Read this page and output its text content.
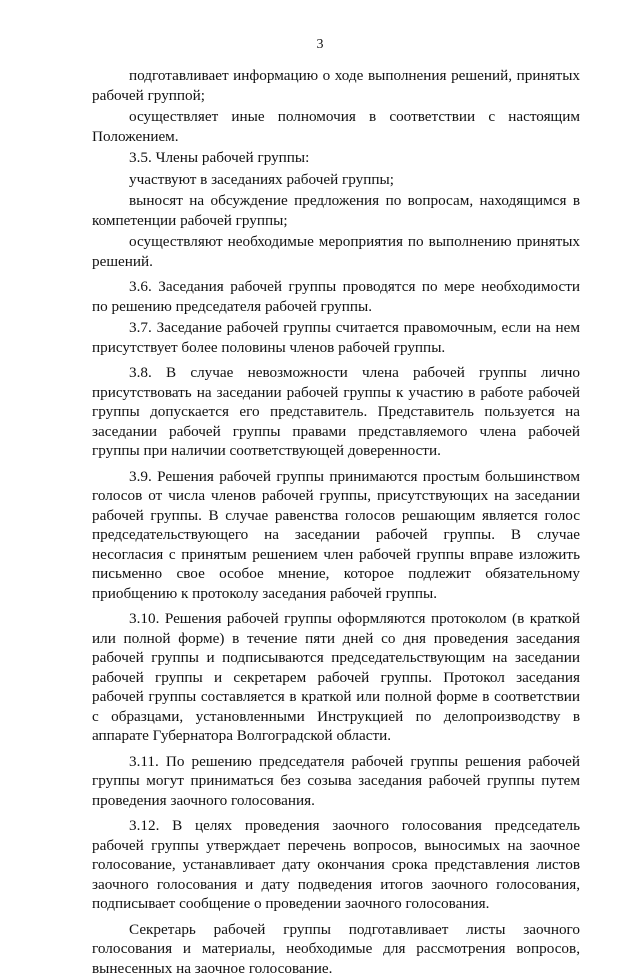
3

подготавливает информацию о ходе выполнения решений, принятых рабочей группой;

осуществляет иные полномочия в соответствии с настоящим Положением.

3.5. Члены рабочей группы:

участвуют в заседаниях рабочей группы;

выносят на обсуждение предложения по вопросам, находящимся в компетенции рабочей группы;

осуществляют необходимые мероприятия по выполнению принятых решений.

3.6. Заседания рабочей группы проводятся по мере необходимости по решению председателя рабочей группы.

3.7. Заседание рабочей группы считается правомочным, если на нем присутствует более половины членов рабочей группы.

3.8. В случае невозможности члена рабочей группы лично присутствовать на заседании рабочей группы к участию в работе рабочей группы допускается его представитель. Представитель пользуется на заседании рабочей группы правами представляемого члена рабочей группы при наличии соответствующей доверенности.

3.9. Решения рабочей группы принимаются простым большинством голосов от числа членов рабочей группы, присутствующих на заседании рабочей группы. В случае равенства голосов решающим является голос председательствующего на заседании рабочей группы. В случае несогласия с принятым решением член рабочей группы вправе изложить письменно свое особое мнение, которое подлежит обязательному приобщению к протоколу заседания рабочей группы.

3.10. Решения рабочей группы оформляются протоколом (в краткой или полной форме) в течение пяти дней со дня проведения заседания рабочей группы и подписываются председательствующим на заседании рабочей группы и секретарем рабочей группы. Протокол заседания рабочей группы составляется в краткой или полной форме в соответствии с образцами, установленными Инструкцией по делопроизводству в аппарате Губернатора Волгоградской области.

3.11. По решению председателя рабочей группы решения рабочей группы могут приниматься без созыва заседания рабочей группы путем проведения заочного голосования.

3.12. В целях проведения заочного голосования председатель рабочей группы утверждает перечень вопросов, выносимых на заочное голосование, устанавливает дату окончания срока представления листов заочного голосования и дату подведения итогов заочного голосования, подписывает сообщение о проведении заочного голосования.

Секретарь рабочей группы подготавливает листы заочного голосования и материалы, необходимые для рассмотрения вопросов, вынесенных на заочное голосование.
